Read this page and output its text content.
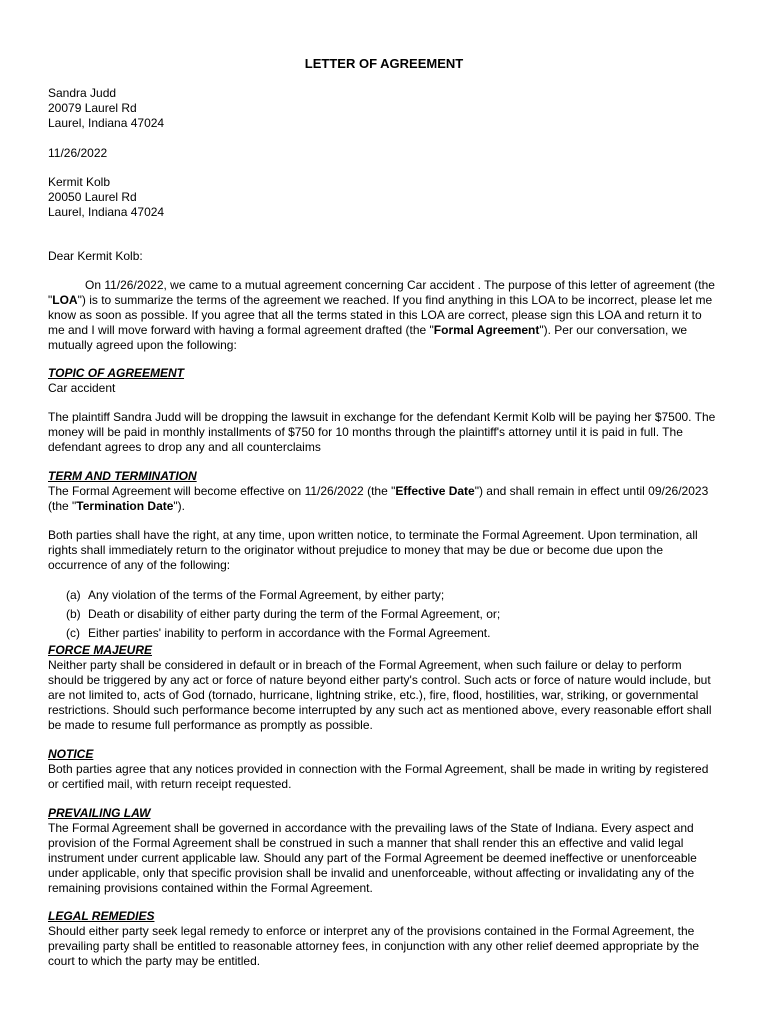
LETTER OF AGREEMENT
Sandra Judd
20079 Laurel Rd
Laurel, Indiana 47024
11/26/2022
Kermit Kolb
20050 Laurel Rd
Laurel, Indiana 47024
Dear Kermit Kolb:
On 11/26/2022, we came to a mutual agreement concerning Car accident . The purpose of this letter of agreement (the "LOA") is to summarize the terms of the agreement we reached. If you find anything in this LOA to be incorrect, please let me know as soon as possible. If you agree that all the terms stated in this LOA are correct, please sign this LOA and return it to me and I will move forward with having a formal agreement drafted (the "Formal Agreement"). Per our conversation, we mutually agreed upon the following:
TOPIC OF AGREEMENT
Car accident
The plaintiff Sandra Judd will be dropping the lawsuit in exchange for the defendant Kermit Kolb will be paying her $7500. The money will be paid in monthly installments of $750 for 10 months through the plaintiff's attorney until it is paid in full. The defendant agrees to drop any and all counterclaims
TERM AND TERMINATION
The Formal Agreement will become effective on 11/26/2022 (the "Effective Date") and shall remain in effect until 09/26/2023 (the "Termination Date").
Both parties shall have the right, at any time, upon written notice, to terminate the Formal Agreement. Upon termination, all rights shall immediately return to the originator without prejudice to money that may be due or become due upon the occurrence of any of the following:
(a) Any violation of the terms of the Formal Agreement, by either party;
(b) Death or disability of either party during the term of the Formal Agreement, or;
(c) Either parties' inability to perform in accordance with the Formal Agreement.
FORCE MAJEURE
Neither party shall be considered in default or in breach of the Formal Agreement, when such failure or delay to perform should be triggered by any act or force of nature beyond either party's control. Such acts or force of nature would include, but are not limited to, acts of God (tornado, hurricane, lightning strike, etc.), fire, flood, hostilities, war, striking, or governmental restrictions. Should such performance become interrupted by any such act as mentioned above, every reasonable effort shall be made to resume full performance as promptly as possible.
NOTICE
Both parties agree that any notices provided in connection with the Formal Agreement, shall be made in writing by registered or certified mail, with return receipt requested.
PREVAILING LAW
The Formal Agreement shall be governed in accordance with the prevailing laws of the State of Indiana. Every aspect and provision of the Formal Agreement shall be construed in such a manner that shall render this an effective and valid legal instrument under current applicable law. Should any part of the Formal Agreement be deemed ineffective or unenforceable under applicable, only that specific provision shall be invalid and unenforceable, without affecting or invalidating any of the remaining provisions contained within the Formal Agreement.
LEGAL REMEDIES
Should either party seek legal remedy to enforce or interpret any of the provisions contained in the Formal Agreement, the prevailing party shall be entitled to reasonable attorney fees, in conjunction with any other relief deemed appropriate by the court to which the party may be entitled.
